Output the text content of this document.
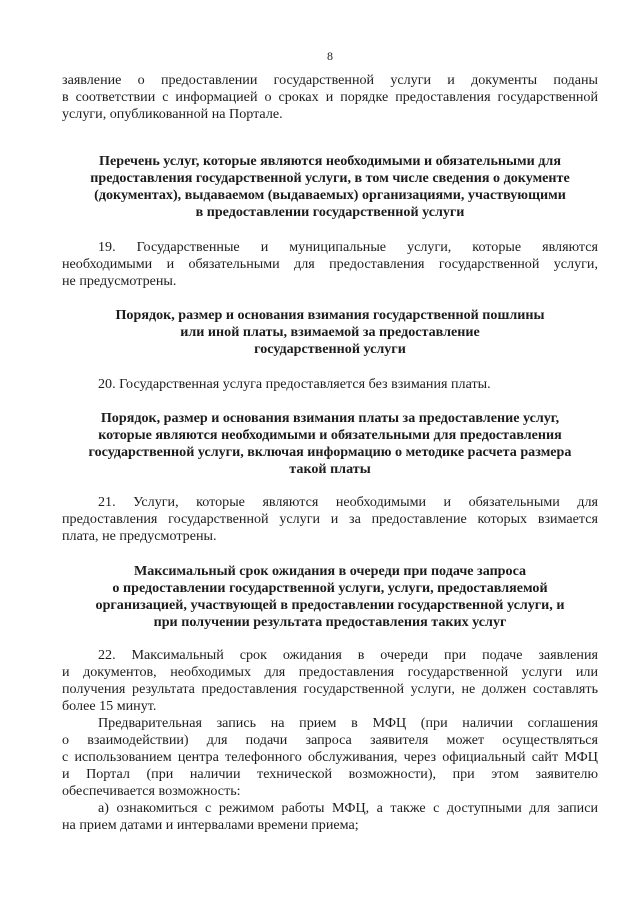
8
заявление о предоставлении государственной услуги и документы поданы
в соответствии с информацией о сроках и порядке предоставления государственной
услуги, опубликованной на Портале.
Перечень услуг, которые являются необходимыми и обязательными для
предоставления государственной услуги, в том числе сведения о документе
(документах), выдаваемом (выдаваемых) организациями, участвующими
в предоставлении государственной услуги
19. Государственные и муниципальные услуги, которые являются
необходимыми и обязательными для предоставления государственной услуги,
не предусмотрены.
Порядок, размер и основания взимания государственной пошлины
или иной платы, взимаемой за предоставление
государственной услуги
20. Государственная услуга предоставляется без взимания платы.
Порядок, размер и основания взимания платы за предоставление услуг,
которые являются необходимыми и обязательными для предоставления
государственной услуги, включая информацию о методике расчета размера
такой платы
21. Услуги, которые являются необходимыми и обязательными для
предоставления государственной услуги и за предоставление которых взимается
плата, не предусмотрены.
Максимальный срок ожидания в очереди при подаче запроса
о предоставлении государственной услуги, услуги, предоставляемой
организацией, участвующей в предоставлении государственной услуги, и
при получении результата предоставления таких услуг
22. Максимальный срок ожидания в очереди при подаче заявления
и документов, необходимых для предоставления государственной услуги или
получения результата предоставления государственной услуги, не должен составлять
более 15 минут.
Предварительная запись на прием в МФЦ (при наличии соглашения
о взаимодействии) для подачи запроса заявителя может осуществляться
с использованием центра телефонного обслуживания, через официальный сайт МФЦ
и Портал (при наличии технической возможности), при этом заявителю
обеспечивается возможность:
а) ознакомиться с режимом работы МФЦ, а также с доступными для записи
на прием датами и интервалами времени приема;
